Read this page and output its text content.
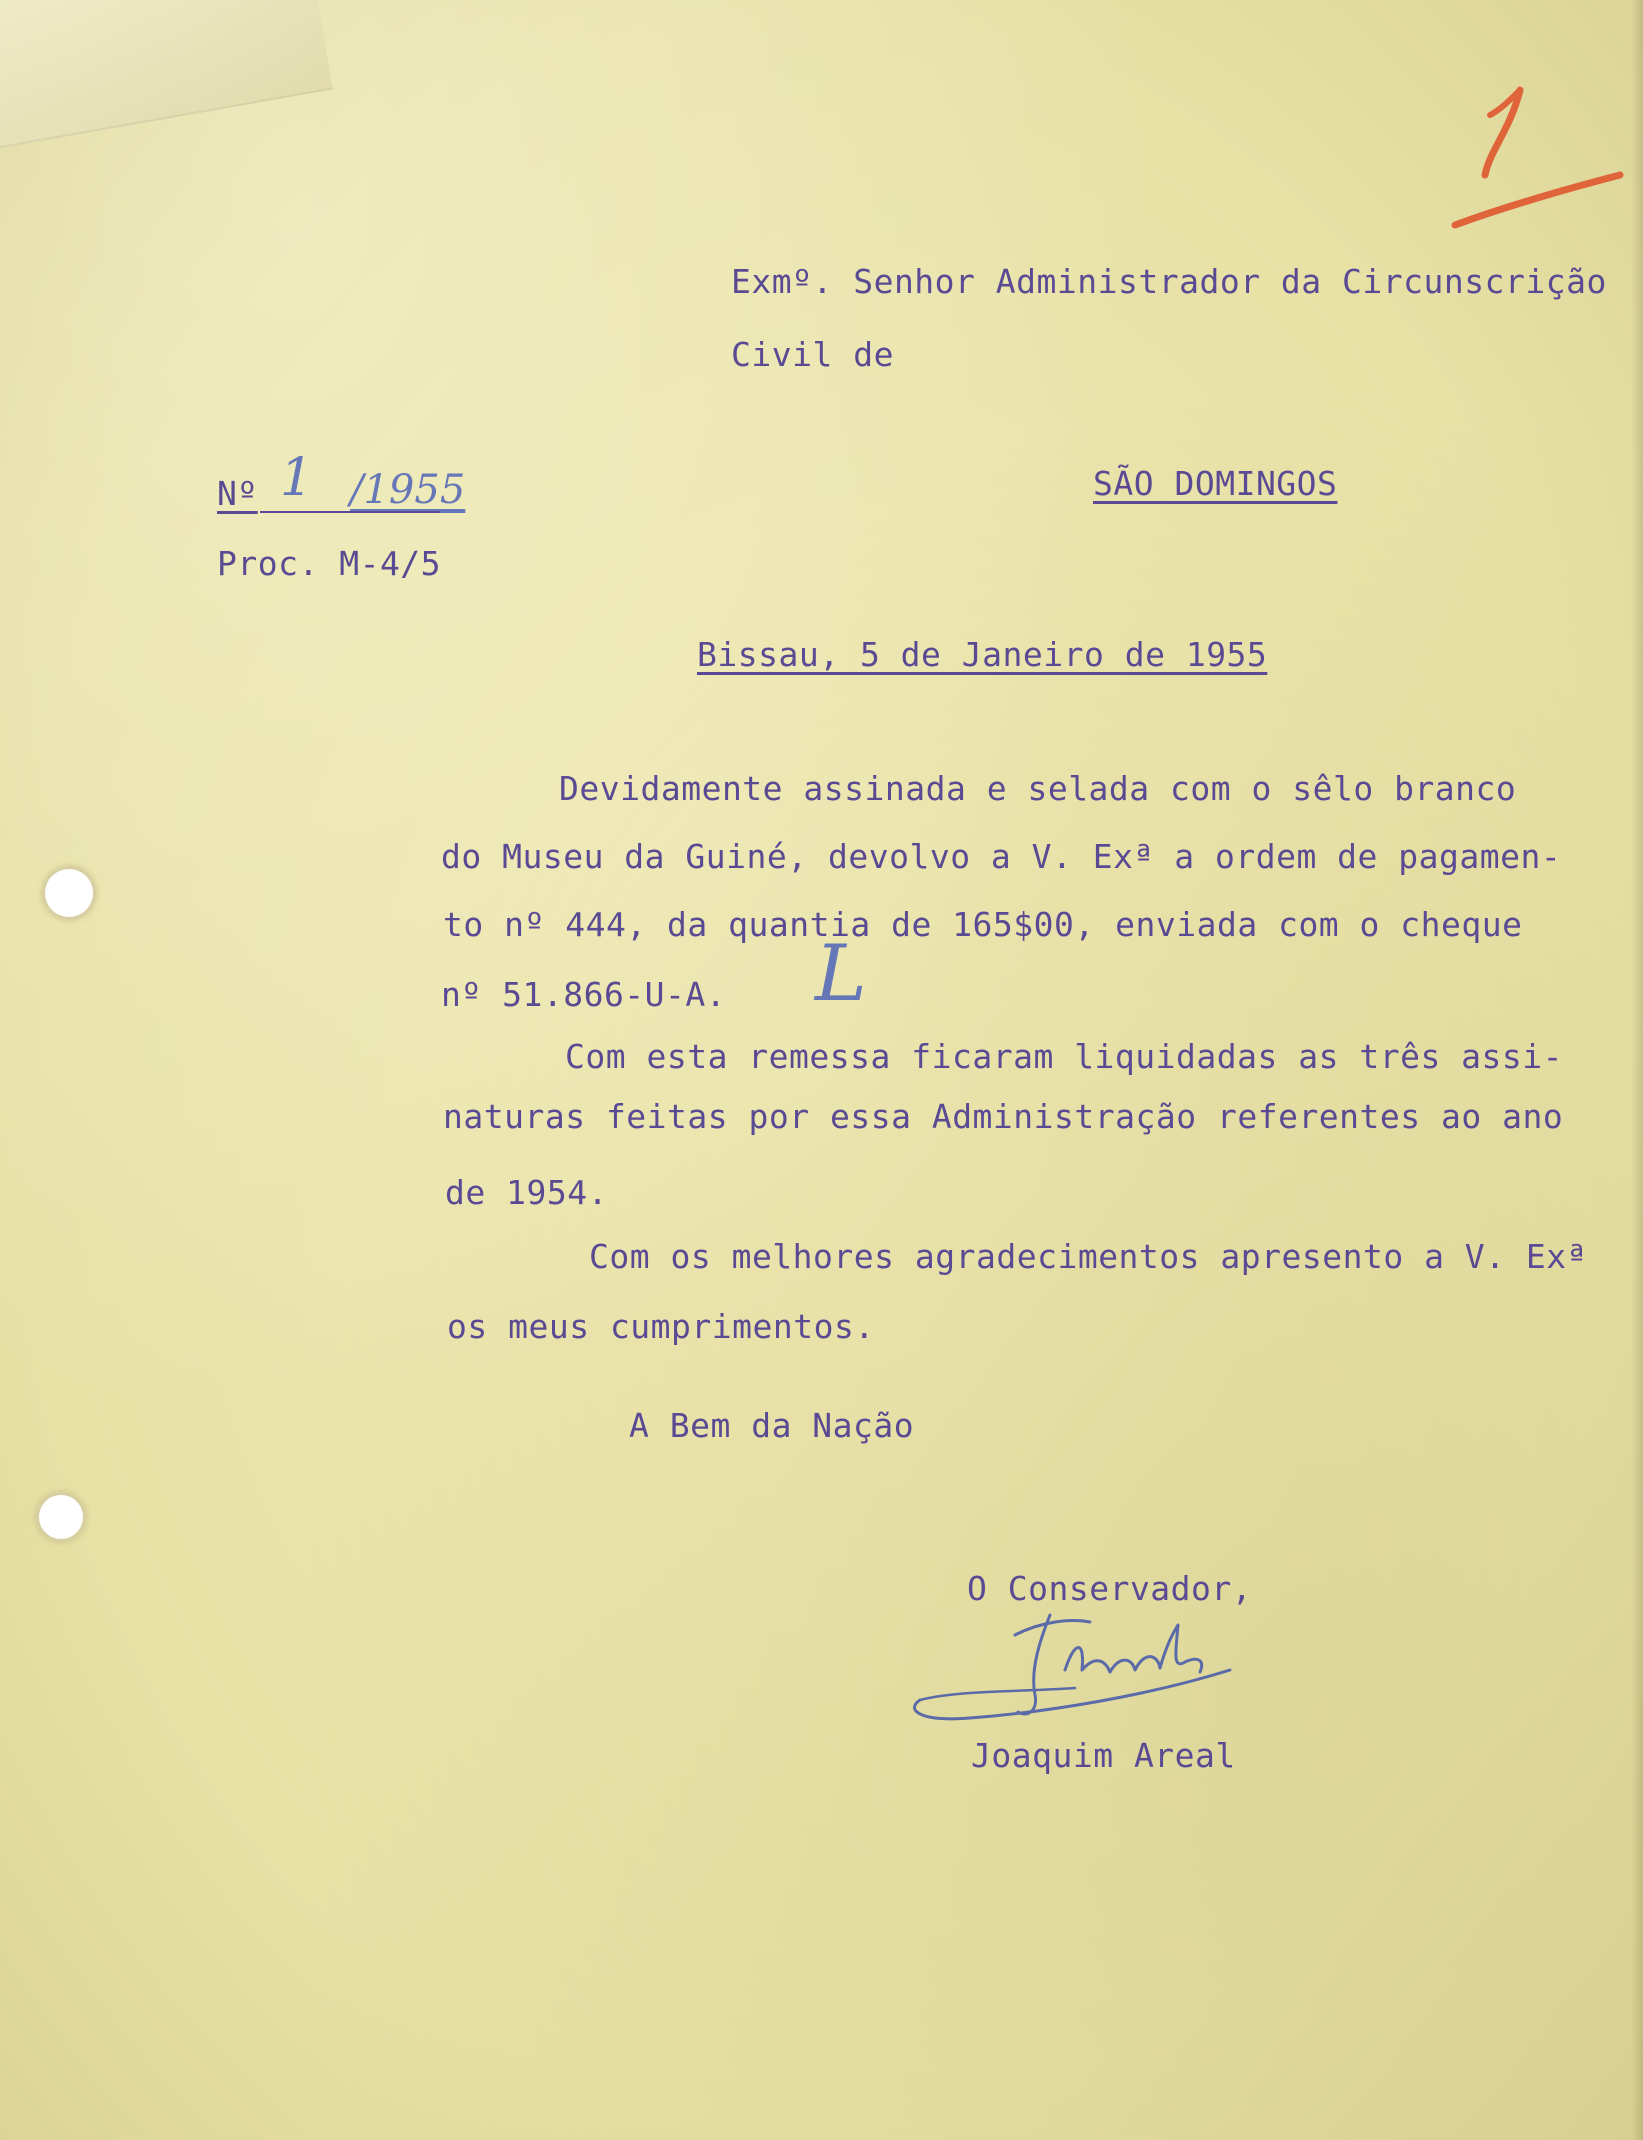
Exmº. Senhor Administrador da Circunscrição
Civil de
Nº 1 /1955	SÃO DOMINGOS
Proc. M-4/5
Bissau, 5 de Janeiro de 1955
Devidamente assinada e selada com o sêlo branco
do Museu da Guiné, devolvo a V. Exª a ordem de pagamen-
to nº 444, da quantia de 165$00, enviada com o cheque
nº 51.866-U-A. L
Com esta remessa ficaram liquidadas as três assi-
naturas feitas por essa Administração referentes ao ano
de 1954.
Com os melhores agradecimentos apresento a V. Exª
os meus cumprimentos.
A Bem da Nação
O Conservador,
Joaquim Areal
